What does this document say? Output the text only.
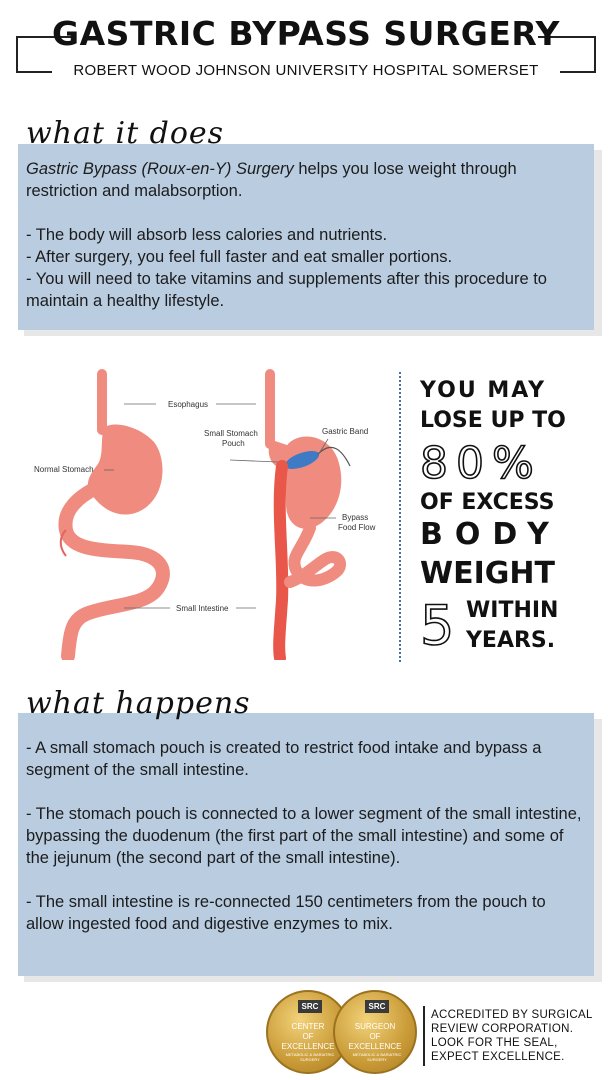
GASTRIC BYPASS SURGERY
ROBERT WOOD JOHNSON UNIVERSITY HOSPITAL SOMERSET

Gastric Bypass (Roux-en-Y) Surgery helps you lose weight through restriction and malabsorption.

- The body will absorb less calories and nutrients.

- After surgery, you feel full faster and eat smaller portions.

- You will need to take vitamins and supplements after this procedure to maintain a healthy lifestyle.

what it does
Esophagus
Normal Stomach
Small Stomach
Pouch
Gastric Band
Bypass
Food Flow
Small Intestine
YOU MAY
LOSE UP TO
80%
OF EXCESS
BODY
WEIGHT
5 WITHIN
YEARS.

- A small stomach pouch is created to restrict food intake and bypass a segment of the small intestine.

- The stomach pouch is connected to a lower segment of the small intestine, bypassing the duodenum (the first part of the small intestine) and some of the jejunum (the second part of the small intestine).

- The small intestine is re-connected 150 centimeters from the pouch to allow ingested food and digestive enzymes to mix.

what happens
SRC
CENTER
OF
EXCELLENCE
METABOLIC & BARIATRIC SURGERY
SRC
SURGEON
OF
EXCELLENCE
METABOLIC & BARIATRIC SURGERY
ACCREDITED BY SURGICAL REVIEW CORPORATION. LOOK FOR THE SEAL, EXPECT EXCELLENCE.
